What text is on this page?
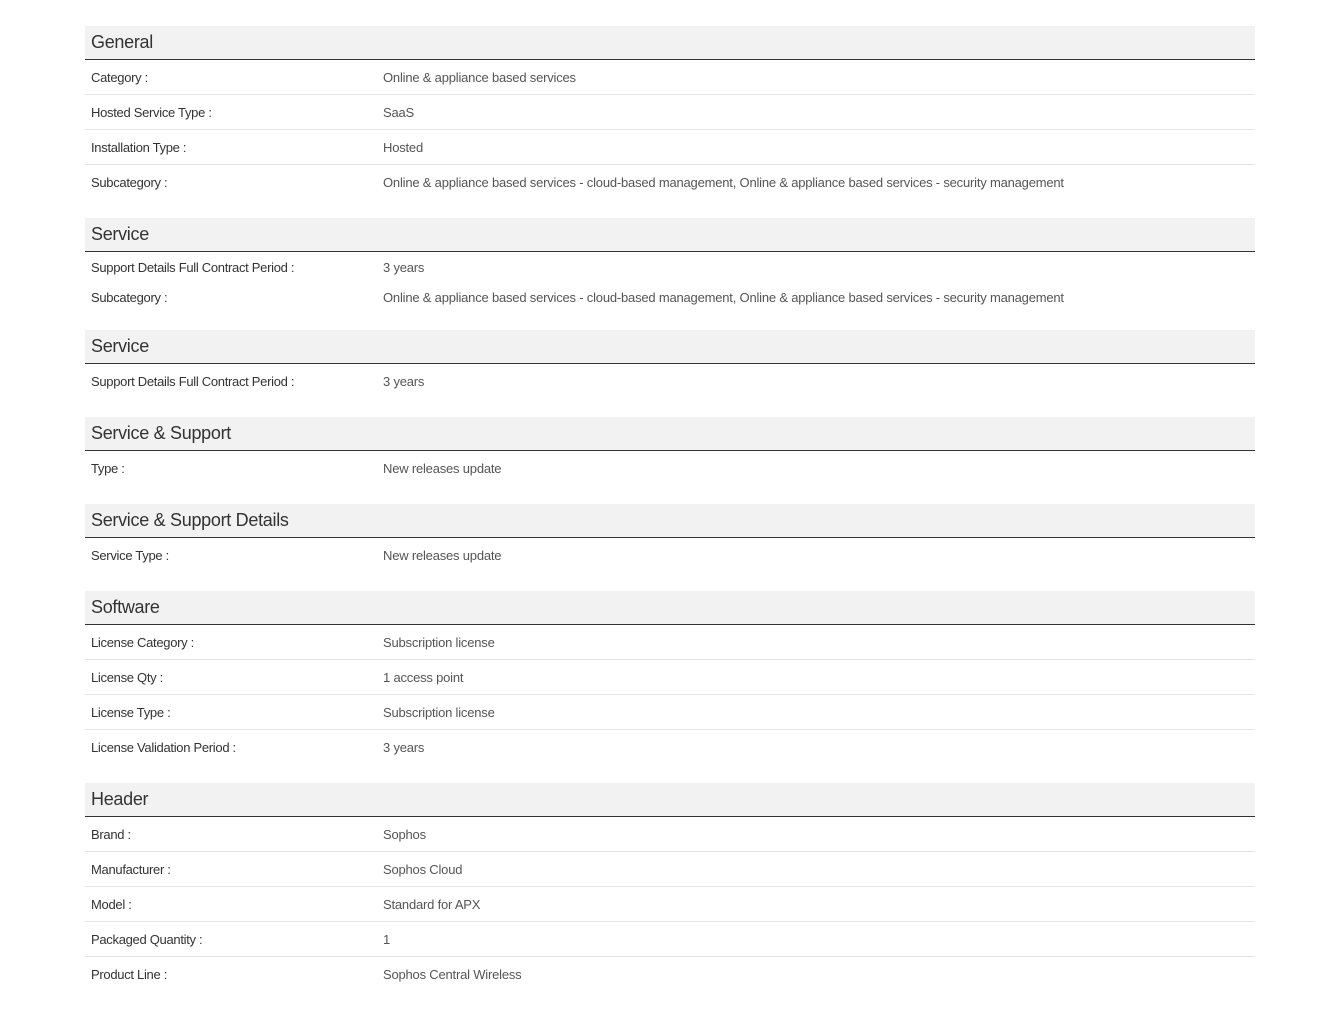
General
Category :	Online & appliance based services
Hosted Service Type :	SaaS
Installation Type :	Hosted
Subcategory :	Online & appliance based services - cloud-based management, Online & appliance based services - security management
Service
Support Details Full Contract Period :	3 years
Subcategory :	Online & appliance based services - cloud-based management, Online & appliance based services - security management
Service
Support Details Full Contract Period :	3 years
Service & Support
Type :	New releases update
Service & Support Details
Service Type :	New releases update
Software
License Category :	Subscription license
License Qty :	1 access point
License Type :	Subscription license
License Validation Period :	3 years
Header
Brand :	Sophos
Manufacturer :	Sophos Cloud
Model :	Standard for APX
Packaged Quantity :	1
Product Line :	Sophos Central Wireless
